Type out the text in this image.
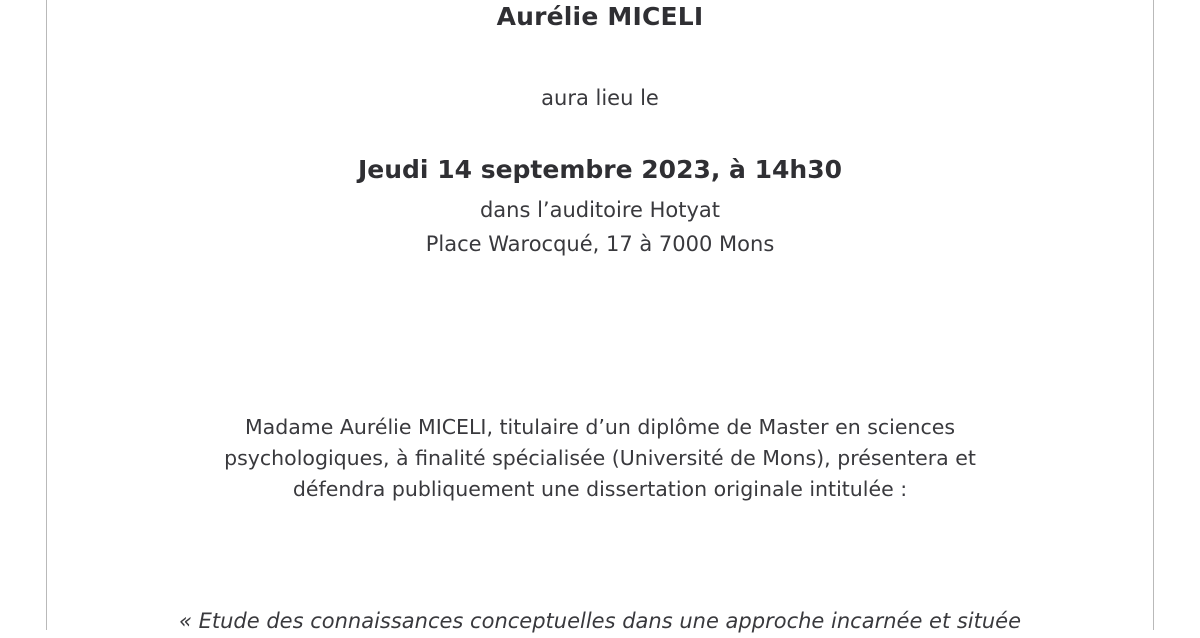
Aurélie MICELI
aura lieu le
Jeudi 14 septembre 2023, à 14h30
dans l’auditoire Hotyat
Place Warocqué, 17 à 7000 Mons
Madame Aurélie MICELI, titulaire d’un diplôme de Master en sciences psychologiques, à finalité spécialisée (Université de Mons), présentera et défendra publiquement une dissertation originale intitulée :
« Etude des connaissances conceptuelles dans une approche incarnée et située
